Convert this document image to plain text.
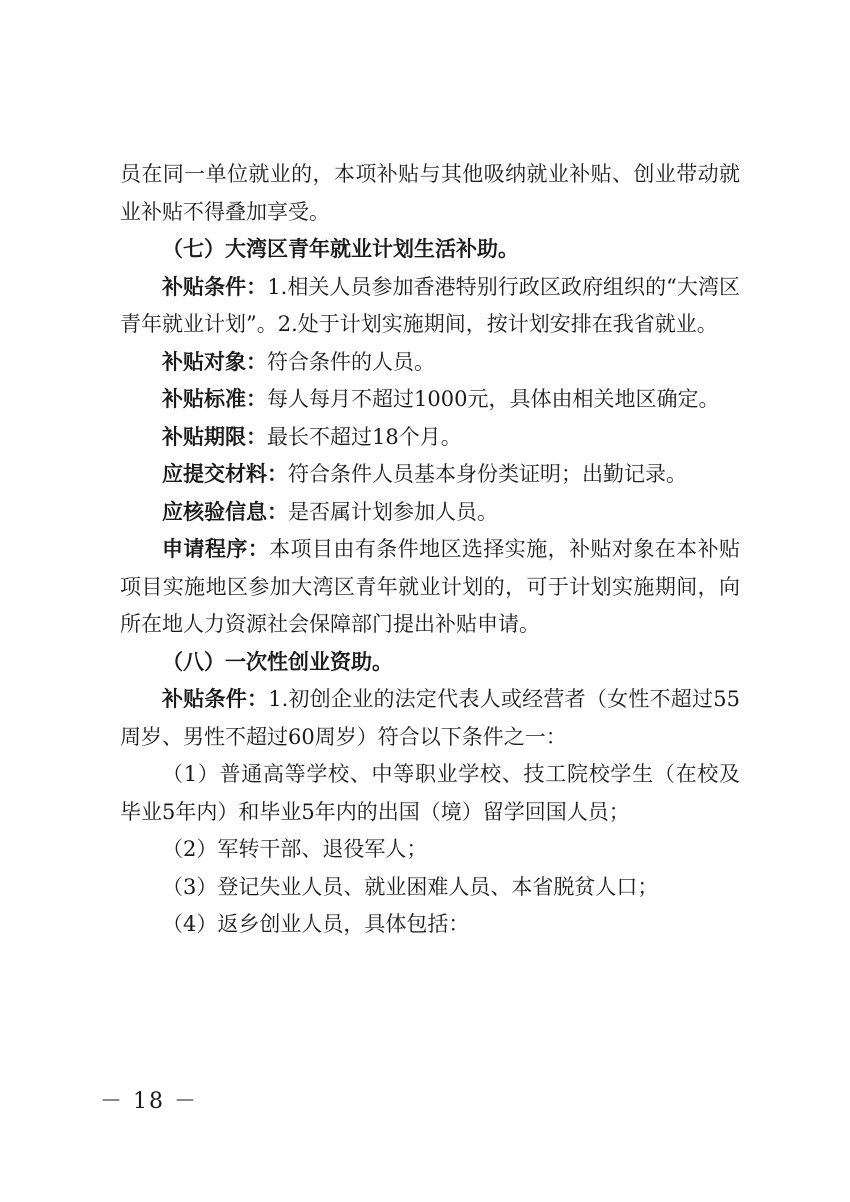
员在同一单位就业的，本项补贴与其他吸纳就业补贴、创业带动就业补贴不得叠加享受。

（七）大湾区青年就业计划生活补助。

补贴条件：1.相关人员参加香港特别行政区政府组织的“大湾区青年就业计划”。2.处于计划实施期间，按计划安排在我省就业。

补贴对象：符合条件的人员。

补贴标准：每人每月不超过1000元，具体由相关地区确定。

补贴期限：最长不超过18个月。

应提交材料：符合条件人员基本身份类证明；出勤记录。

应核验信息：是否属计划参加人员。

申请程序：本项目由有条件地区选择实施，补贴对象在本补贴项目实施地区参加大湾区青年就业计划的，可于计划实施期间，向所在地人力资源社会保障部门提出补贴申请。

（八）一次性创业资助。

补贴条件：1.初创企业的法定代表人或经营者（女性不超过55周岁、男性不超过60周岁）符合以下条件之一：

（1）普通高等学校、中等职业学校、技工院校学生（在校及毕业5年内）和毕业5年内的出国（境）留学回国人员；

（2）军转干部、退役军人；

（3）登记失业人员、就业困难人员、本省脱贫人口；

（4）返乡创业人员，具体包括：

－ 18 －
